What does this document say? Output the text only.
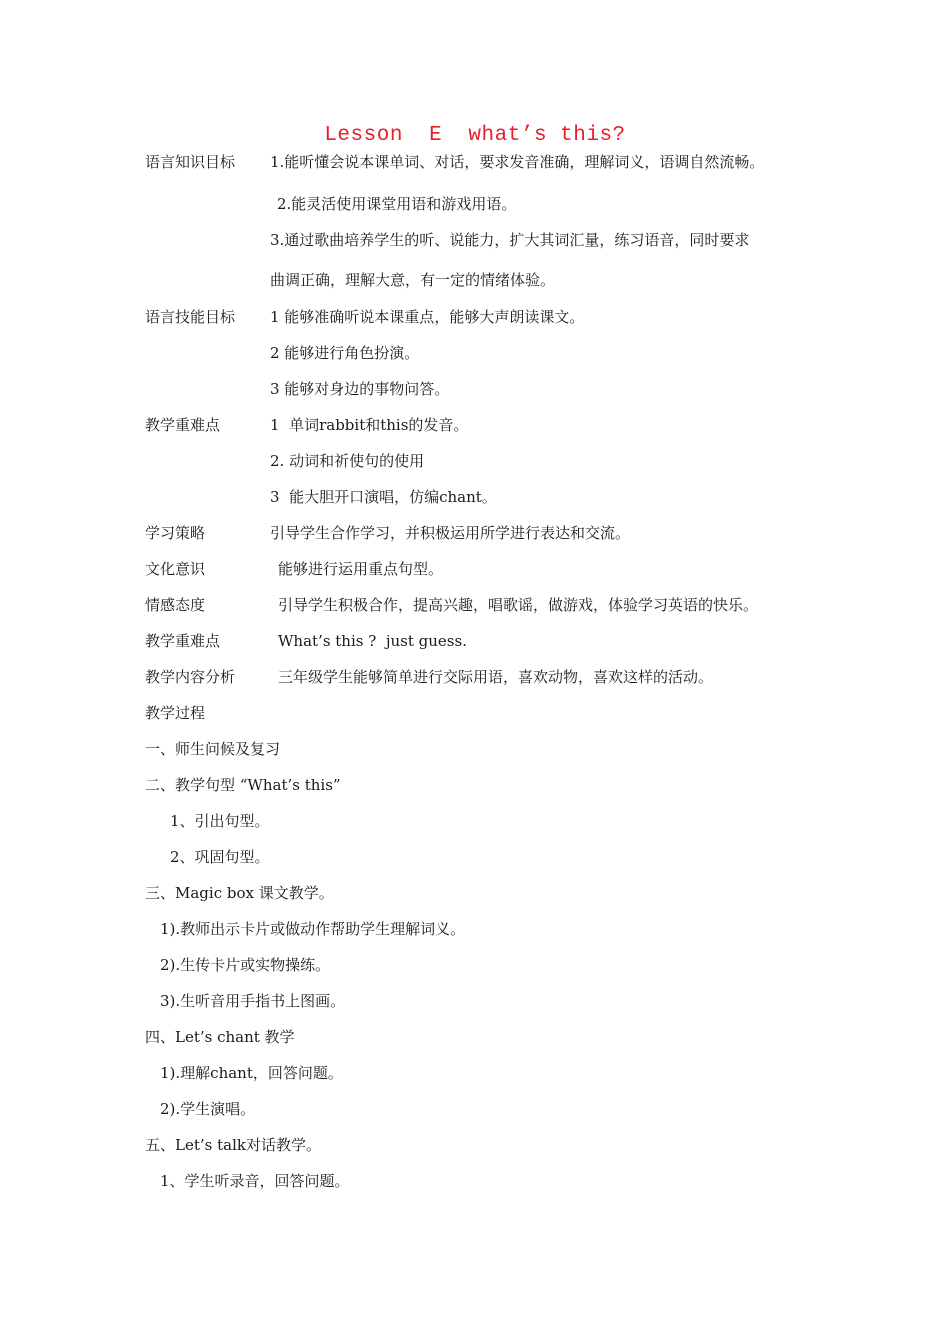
Lesson  E  what’s this?
语言知识目标 1.能听懂会说本课单词、对话，要求发音准确，理解词义，语调自然流畅。
2.能灵活使用课堂用语和游戏用语。
3.通过歌曲培养学生的听、说能力，扩大其词汇量，练习语音，同时要求
曲调正确，理解大意，有一定的情绪体验。
语言技能目标 1 能够准确听说本课重点，能够大声朗读课文。
2 能够进行角色扮演。
3 能够对身边的事物问答。
教学重难点	1  单词rabbit和this的发音。
2. 动词和祈使句的使用
3  能大胆开口演唱，仿编chant。
学习策略	引导学生合作学习，并积极运用所学进行表达和交流。
文化意识	能够进行运用重点句型。
情感态度	引导学生积极合作，提高兴趣，唱歌谣，做游戏，体验学习英语的快乐。
教学重难点	What’s this ?  just guess.
教学内容分析	三年级学生能够简单进行交际用语，喜欢动物，喜欢这样的活动。
教学过程
一、师生问候及复习
二、教学句型 “What’s this”
1、引出句型。
2、巩固句型。
三、Magic box 课文教学。
1).教师出示卡片或做动作帮助学生理解词义。
2).生传卡片或实物操练。
3).生听音用手指书上图画。
四、Let’s chant 教学
1).理解chant，回答问题。
2).学生演唱。
五、Let’s talk对话教学。
1、学生听录音，回答问题。
